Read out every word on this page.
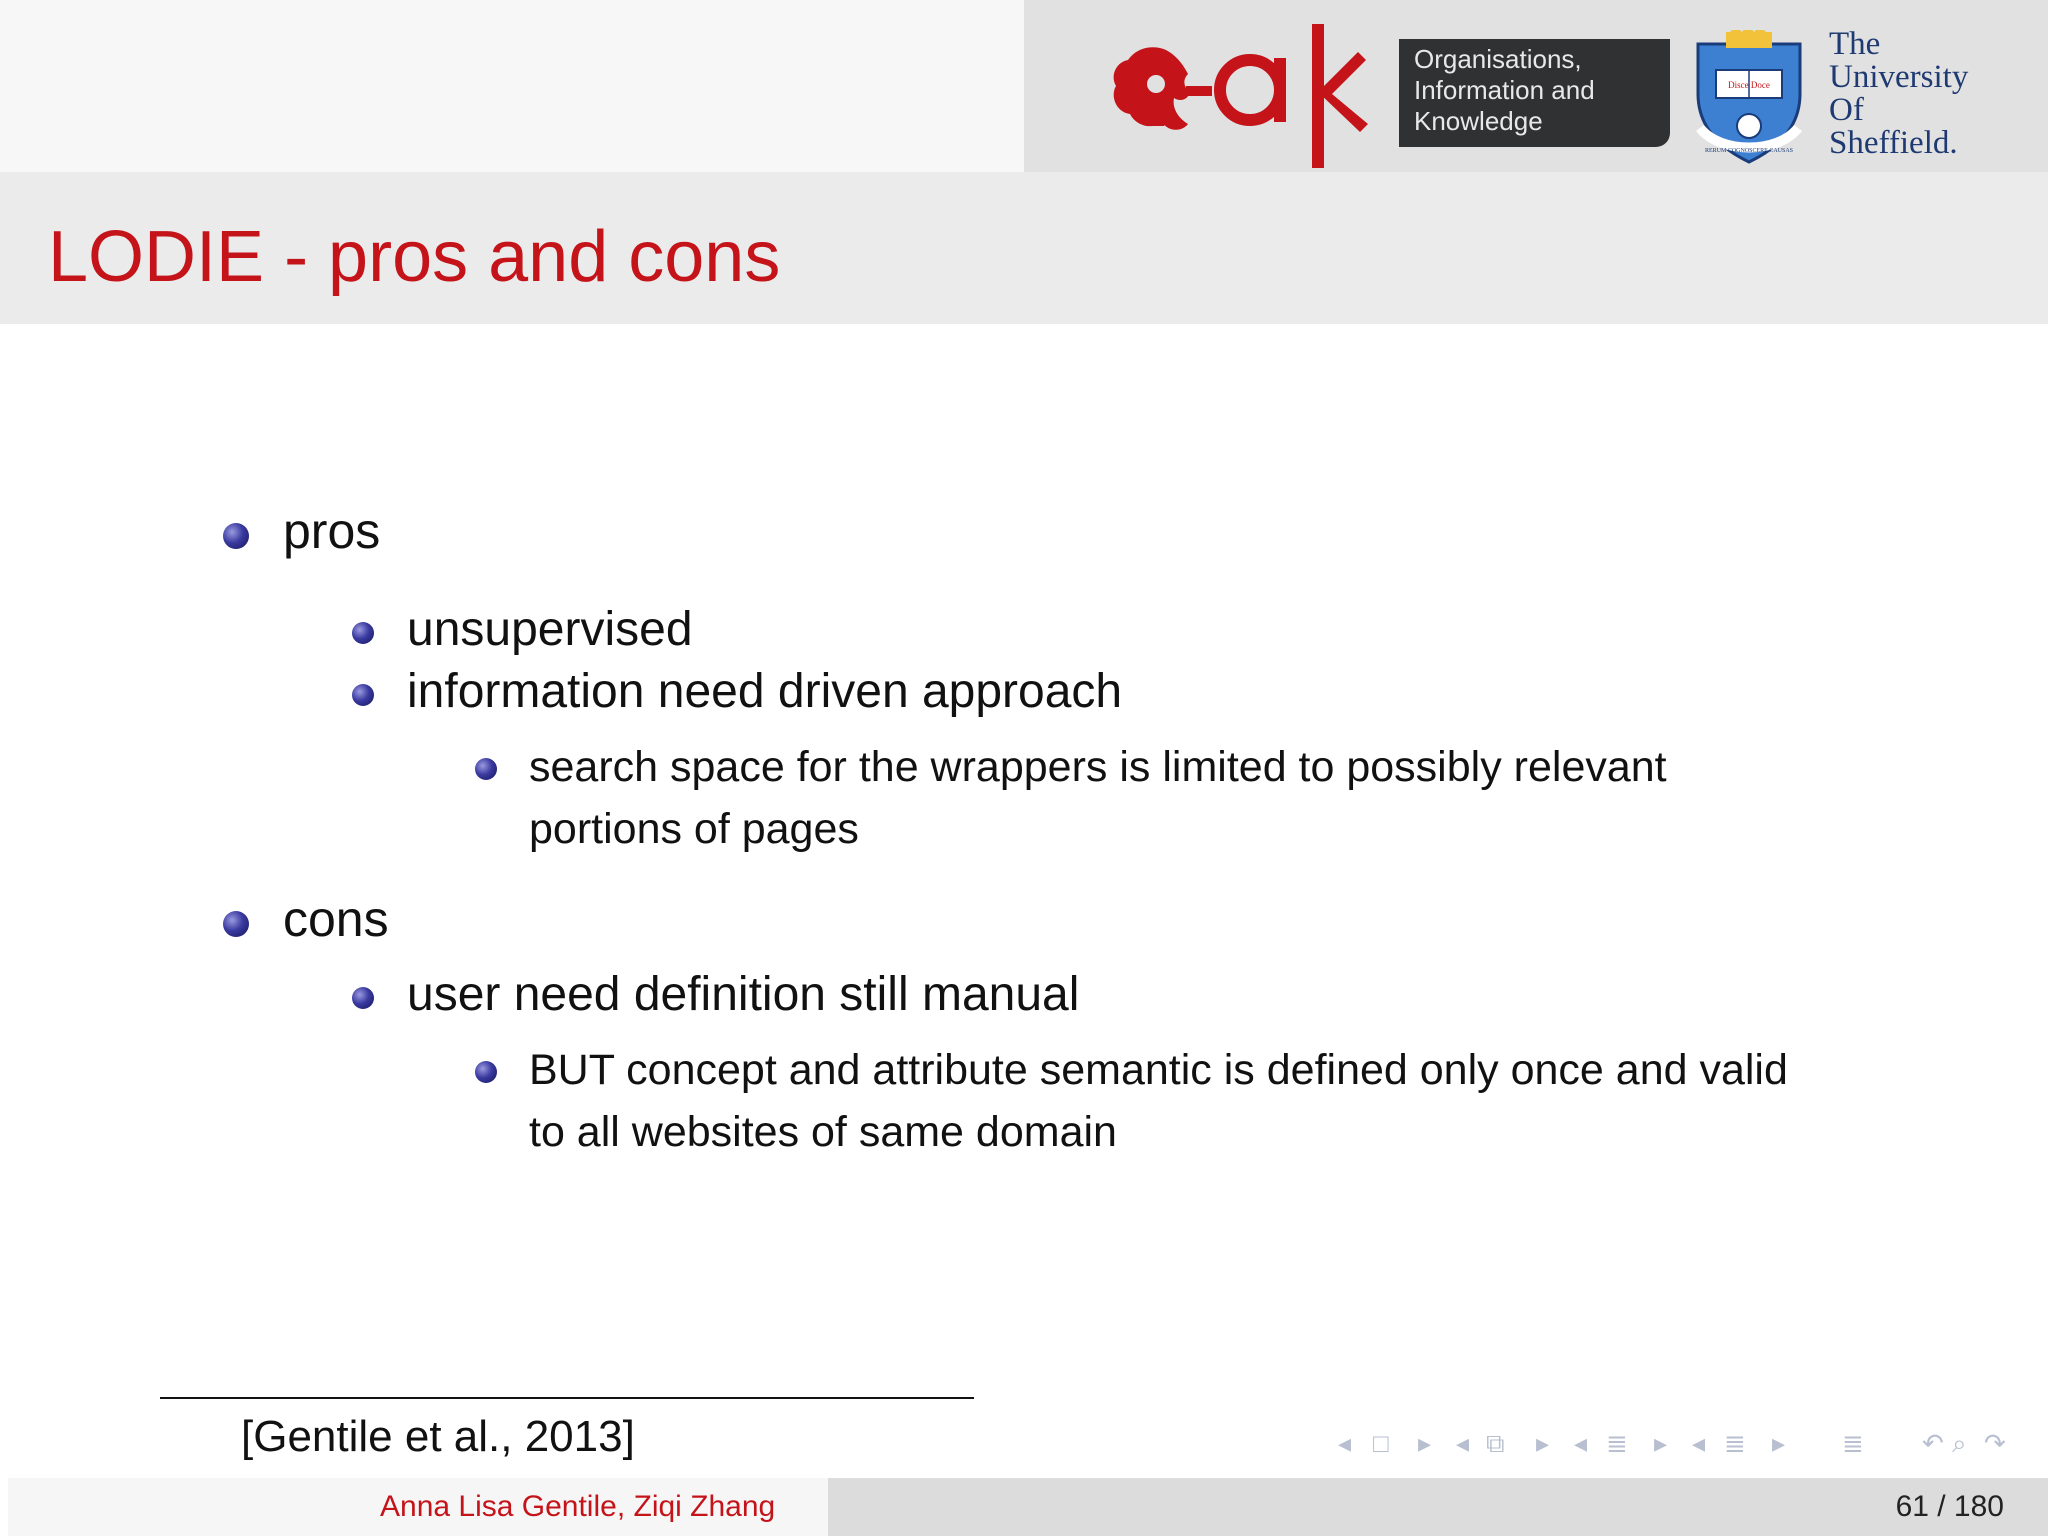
Organisations,
Information and
Knowledge
Disce Doce
RERUM COGNOSCERE CAUSAS
The
University
Of
Sheffield.
LODIE - pros and cons
pros
unsupervised
information need driven approach
search space for the wrappers is limited to possibly relevant
portions of pages
cons
user need definition still manual
BUT concept and attribute semantic is defined only once and valid
to all websites of same domain
[Gentile et al., 2013]	◂ □ ▸ ◂ ⧉ ▸ ◂ ≣ ▸ ◂ ≣ ▸ ≣ ↶ ⌕ ↷
Anna Lisa Gentile, Ziqi Zhang	61 / 180
